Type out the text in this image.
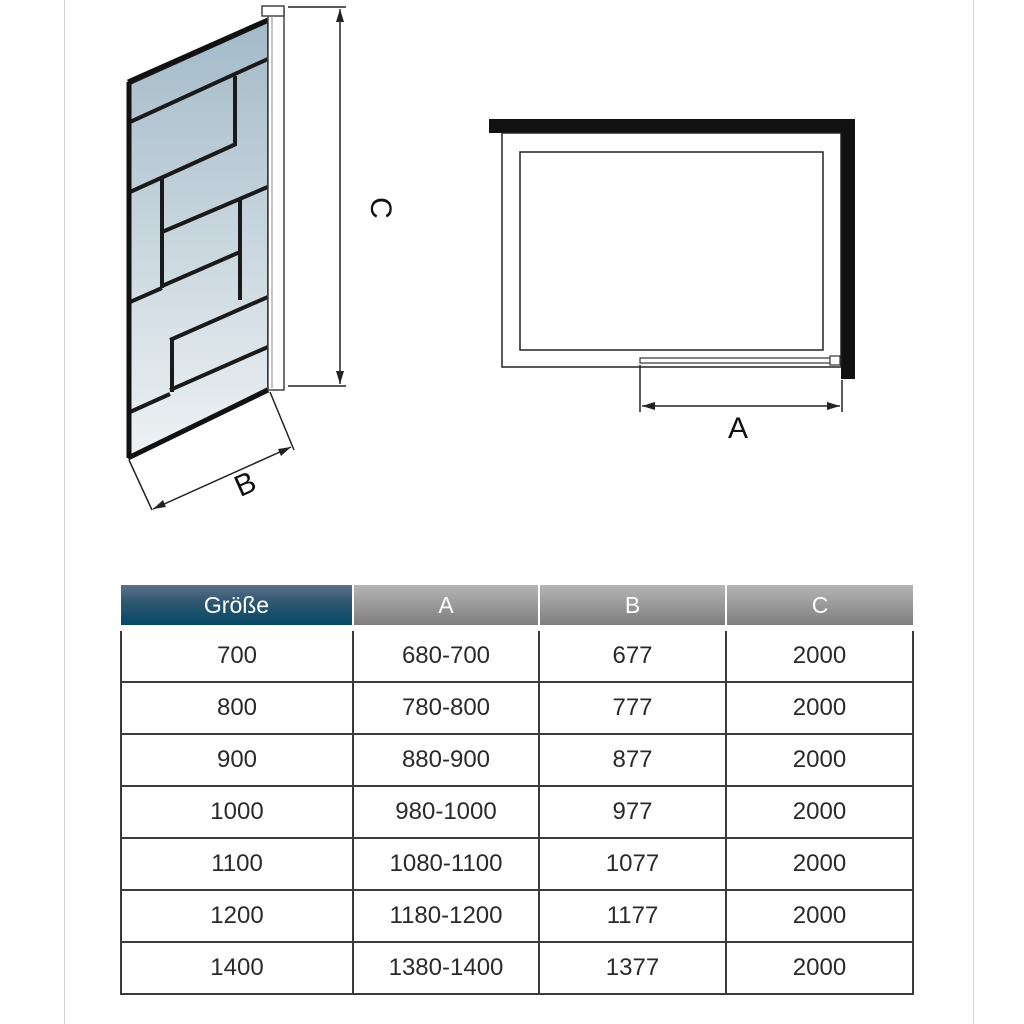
C
B
A
Größe	A	B	C
700	680-700	677	2000
800	780-800	777	2000
900	880-900	877	2000
1000	980-1000	977	2000
1100	1080-1100	1077	2000
1200	1180-1200	1177	2000
1400	1380-1400	1377	2000
